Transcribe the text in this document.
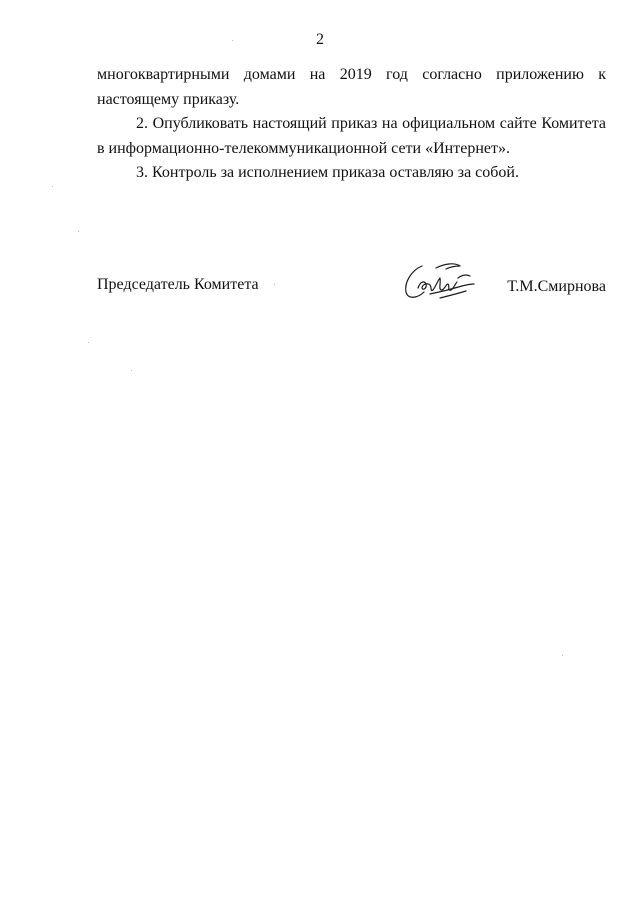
2

многоквартирными домами на 2019 год согласно приложению к настоящему приказу.

2. Опубликовать настоящий приказ на официальном сайте Комитета в информационно-телекоммуникационной сети «Интернет».

3. Контроль за исполнением приказа оставляю за собой.

Председатель Комитета	Т.М.Смирнова
